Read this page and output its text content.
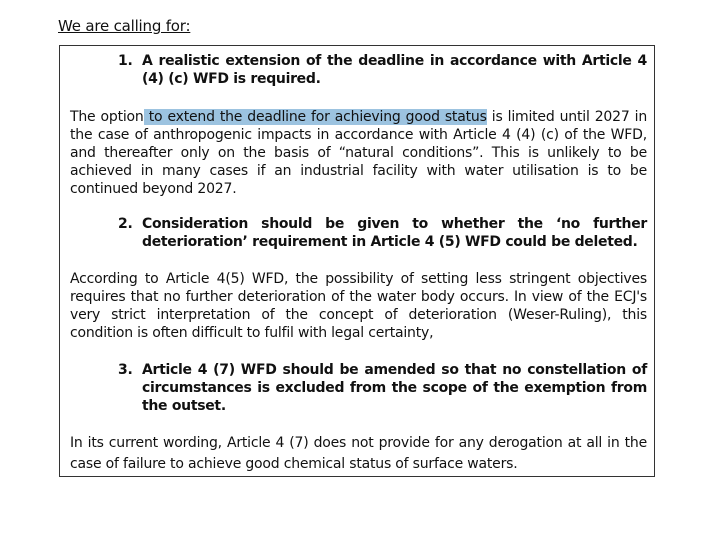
We are calling for:
1. A realistic extension of the deadline in accordance with Article 4 (4) (c) WFD is required.
The option to extend the deadline for achieving good status is limited until 2027 in the case of anthropogenic impacts in accordance with Article 4 (4) (c) of the WFD, and thereafter only on the basis of “natural conditions”. This is unlikely to be achieved in many cases if an industrial facility with water utilisation is to be continued beyond 2027.
2. Consideration should be given to whether the ‘no further deterioration’ requirement in Article 4 (5) WFD could be deleted.
According to Article 4(5) WFD, the possibility of setting less stringent objectives requires that no further deterioration of the water body occurs. In view of the ECJ's very strict interpretation of the concept of deterioration (Weser-Ruling), this condition is often difficult to fulfil with legal certainty,
3. Article 4 (7) WFD should be amended so that no constellation of circumstances is excluded from the scope of the exemption from the outset.
In its current wording, Article 4 (7) does not provide for any derogation at all in the case of failure to achieve good chemical status of surface waters.
